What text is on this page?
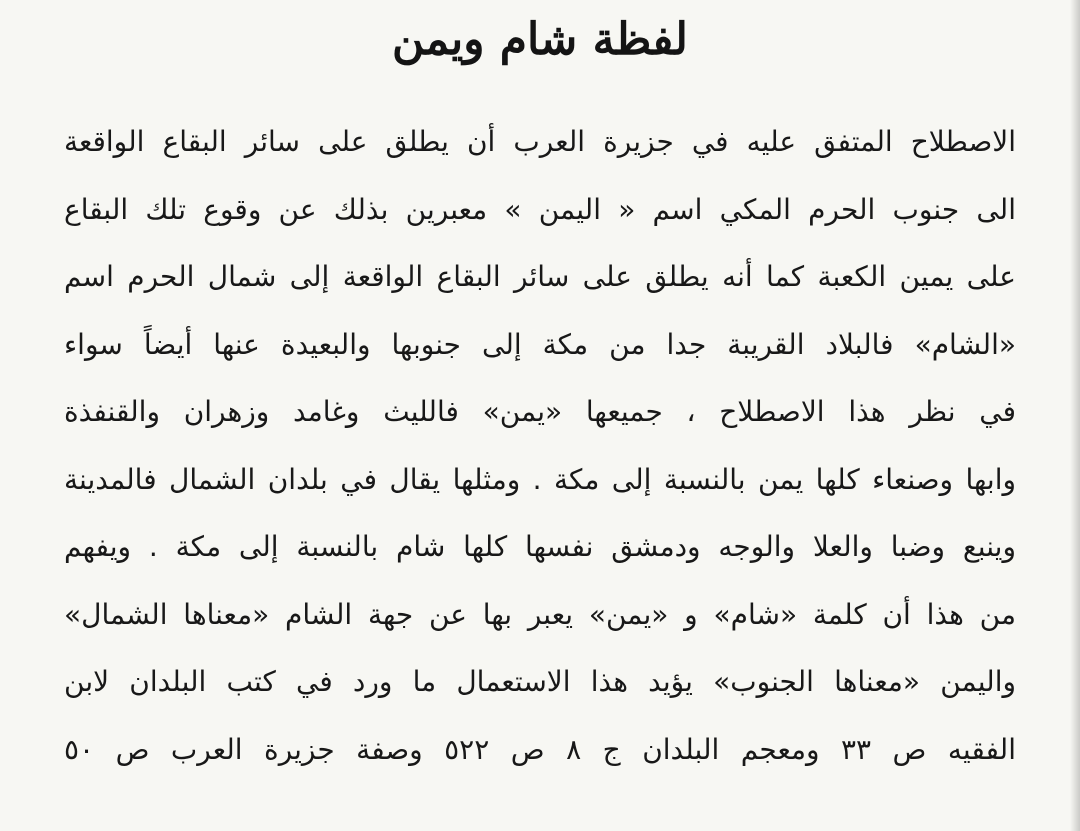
لفظة شام ويمن
الاصطلاح المتفق عليه في جزيرة العرب أن يطلق على سائر البقاع الواقعة
الى جنوب الحرم المكي اسم « اليمن » معبرين بذلك عن وقوع تلك البقاع
على يمين الكعبة كما أنه يطلق على سائر البقاع الواقعة إلى شمال الحرم اسم
«الشام» فالبلاد القريبة جدا من مكة إلى جنوبها والبعيدة عنها أيضاً سواء
في نظر هذا الاصطلاح ، جميعها «يمن» فالليث وغامد وزهران والقنفذة
وابها وصنعاء كلها يمن بالنسبة إلى مكة . ومثلها يقال في بلدان الشمال فالمدينة
وينبع وضبا والعلا والوجه ودمشق نفسها كلها شام بالنسبة إلى مكة . ويفهم
من هذا أن كلمة «شام» و «يمن» يعبر بها عن جهة الشام «معناها الشمال»
واليمن «معناها الجنوب» يؤيد هذا الاستعمال ما ورد في كتب البلدان لابن
الفقيه ص ٣٣ ومعجم البلدان ج ٨ ص ٥٢٢ وصفة جزيرة العرب ص ٥٠
